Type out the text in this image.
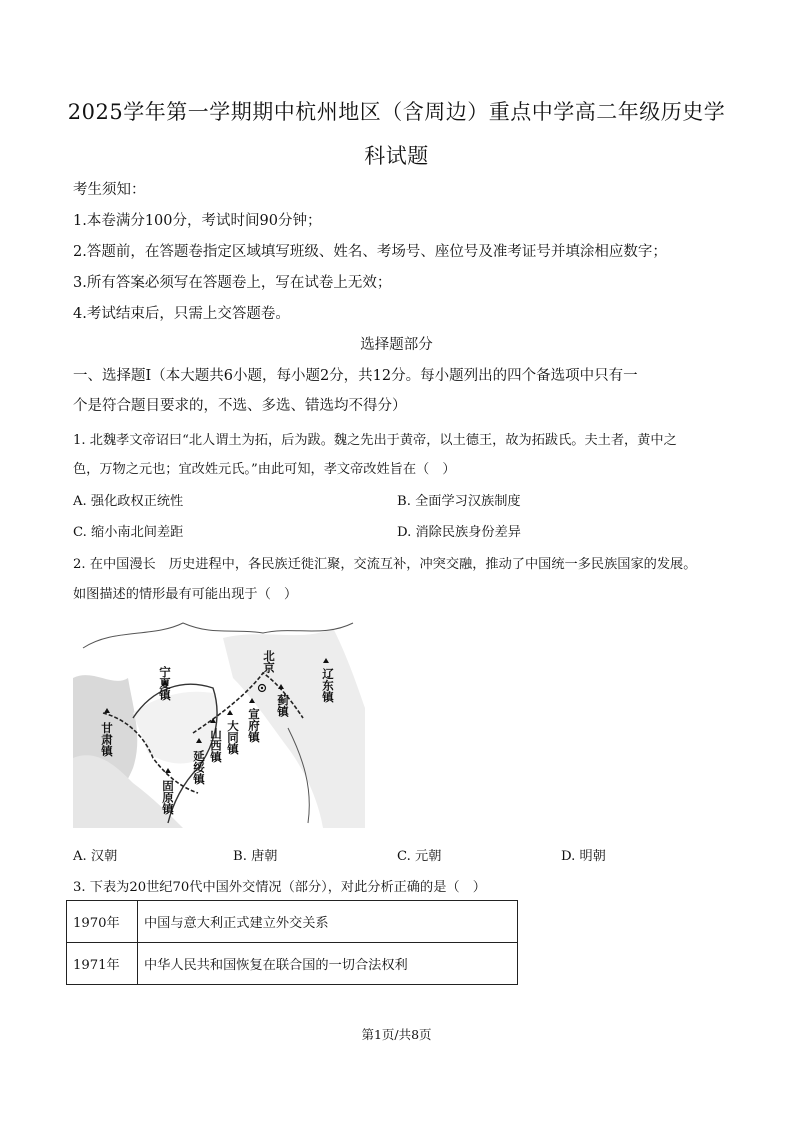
2025学年第一学期期中杭州地区（含周边）重点中学高二年级历史学
科试题
考生须知：
1.本卷满分100分，考试时间90分钟；
2.答题前，在答题卷指定区域填写班级、姓名、考场号、座位号及准考证号并填涂相应数字；
3.所有答案必须写在答题卷上，写在试卷上无效；
4.考试结束后，只需上交答题卷。
选择题部分
一、选择题Ⅰ（本大题共6小题，每小题2分，共12分。每小题列出的四个备选项中只有一
个是符合题目要求的，不选、多选、错选均不得分）
1. 北魏孝文帝诏曰“北人谓土为拓，后为跋。魏之先出于黄帝，以土德王，故为拓跋氏。夫土者，黄中之
色，万物之元也；宜改姓元氏。”由此可知，孝文帝改姓旨在（　）
A. 强化政权正统性	B. 全面学习汉族制度
C. 缩小南北间差距	D. 消除民族身份差异
2. 在中国漫长　历史进程中，各民族迁徙汇聚，交流互补，冲突交融，推动了中国统一多民族国家的发展。
如图描述的情形最有可能出现于（　）
宁夏镇
甘肃镇
固原镇
延绥镇
山西镇 大同镇 宣府镇
北京
蓟镇
辽东镇
A. 汉朝	B. 唐朝	C. 元朝	D. 明朝
3. 下表为20世纪70代中国外交情况（部分），对此分析正确的是（　）
1970年	中国与意大利正式建立外交关系
1971年	中华人民共和国恢复在联合国的一切合法权利
第1页/共8页
